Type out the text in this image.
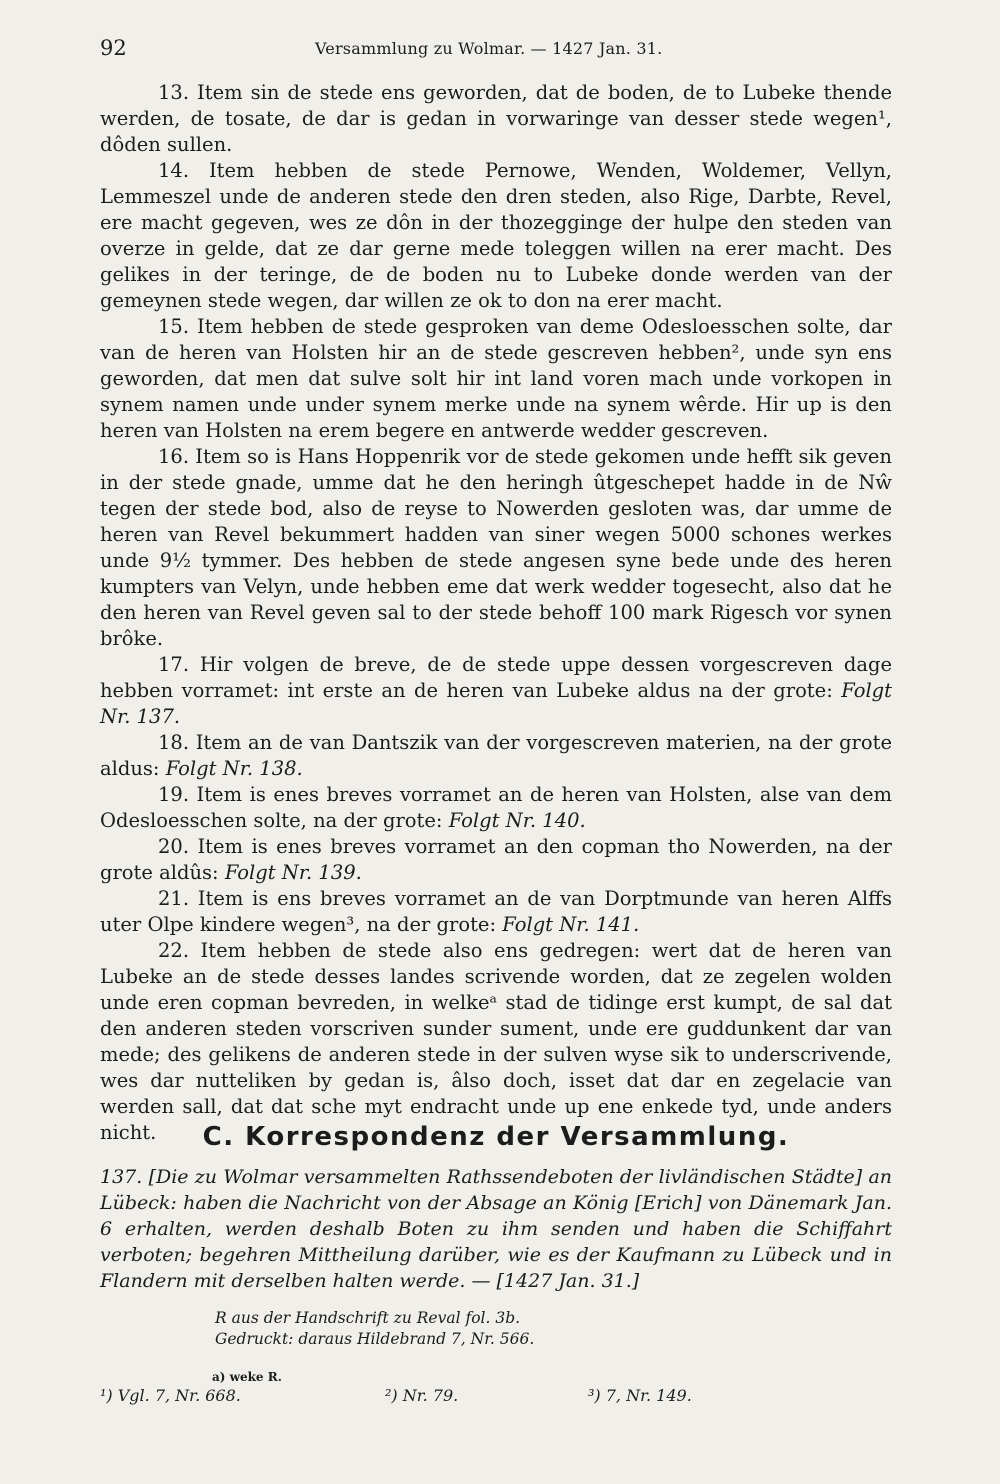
92	Versammlung zu Wolmar. — 1427 Jan. 31.

13. Item sin de stede ens geworden, dat de boden, de to Lubeke thende werden, de tosate, de dar is gedan in vorwaringe van desser stede wegen¹, dôden sullen.

14. Item hebben de stede Pernowe, Wenden, Woldemer, Vellyn, Lemmeszel unde de anderen stede den dren steden, also Rige, Darbte, Revel, ere macht gegeven, wes ze dôn in der thozegginge der hulpe den steden van overze in gelde, dat ze dar gerne mede toleggen willen na erer macht. Des gelikes in der teringe, de de boden nu to Lubeke donde werden van der gemeynen stede wegen, dar willen ze ok to don na erer macht.

15. Item hebben de stede gesproken van deme Odesloesschen solte, dar van de heren van Holsten hir an de stede gescreven hebben², unde syn ens geworden, dat men dat sulve solt hir int land voren mach unde vorkopen in synem namen unde under synem merke unde na synem wêrde. Hir up is den heren van Holsten na erem begere en antwerde wedder gescreven.

16. Item so is Hans Hoppenrik vor de stede gekomen unde hefft sik geven in der stede gnade, umme dat he den heringh ûtgeschepet hadde in de Nŵ tegen der stede bod, also de reyse to Nowerden gesloten was, dar umme de heren van Revel bekummert hadden van siner wegen 5000 schones werkes unde 9½ tymmer. Des hebben de stede angesen syne bede unde des heren kumpters van Velyn, unde hebben eme dat werk wedder togesecht, also dat he den heren van Revel geven sal to der stede behoff 100 mark Rigesch vor synen brôke.

17. Hir volgen de breve, de de stede uppe dessen vorgescreven dage hebben vorramet: int erste an de heren van Lubeke aldus na der grote: Folgt Nr. 137.

18. Item an de van Dantszik van der vorgescreven materien, na der grote aldus: Folgt Nr. 138.

19. Item is enes breves vorramet an de heren van Holsten, alse van dem Odesloesschen solte, na der grote: Folgt Nr. 140.

20. Item is enes breves vorramet an den copman tho Nowerden, na der grote aldûs: Folgt Nr. 139.

21. Item is ens breves vorramet an de van Dorptmunde van heren Alffs uter Olpe kindere wegen³, na der grote: Folgt Nr. 141.

22. Item hebben de stede also ens gedregen: wert dat de heren van Lubeke an de stede desses landes scrivende worden, dat ze zegelen wolden unde eren copman bevreden, in welkeᵃ stad de tidinge erst kumpt, de sal dat den anderen steden vorscriven sunder sument, unde ere guddunkent dar van mede; des gelikens de anderen stede in der sulven wyse sik to underscrivende, wes dar nutteliken by gedan is, âlso doch, isset dat dar en zegelacie van werden sall, dat dat sche myt endracht unde up ene enkede tyd, unde anders nicht.	C. Korrespondenz der Versammlung.
137. [Die zu Wolmar versammelten Rathssendeboten der livländischen Städte] an Lübeck: haben die Nachricht von der Absage an König [Erich] von Dänemark Jan. 6 erhalten, werden deshalb Boten zu ihm senden und haben die Schiffahrt verboten; begehren Mittheilung darüber, wie es der Kaufmann zu Lübeck und in Flandern mit derselben halten werde. — [1427 Jan. 31.]
R aus der Handschrift zu Reval fol. 3b.
Gedruckt: daraus Hildebrand 7, Nr. 566.
a) weke R.
¹) Vgl. 7, Nr. 668.	²) Nr. 79.	³) 7, Nr. 149.
